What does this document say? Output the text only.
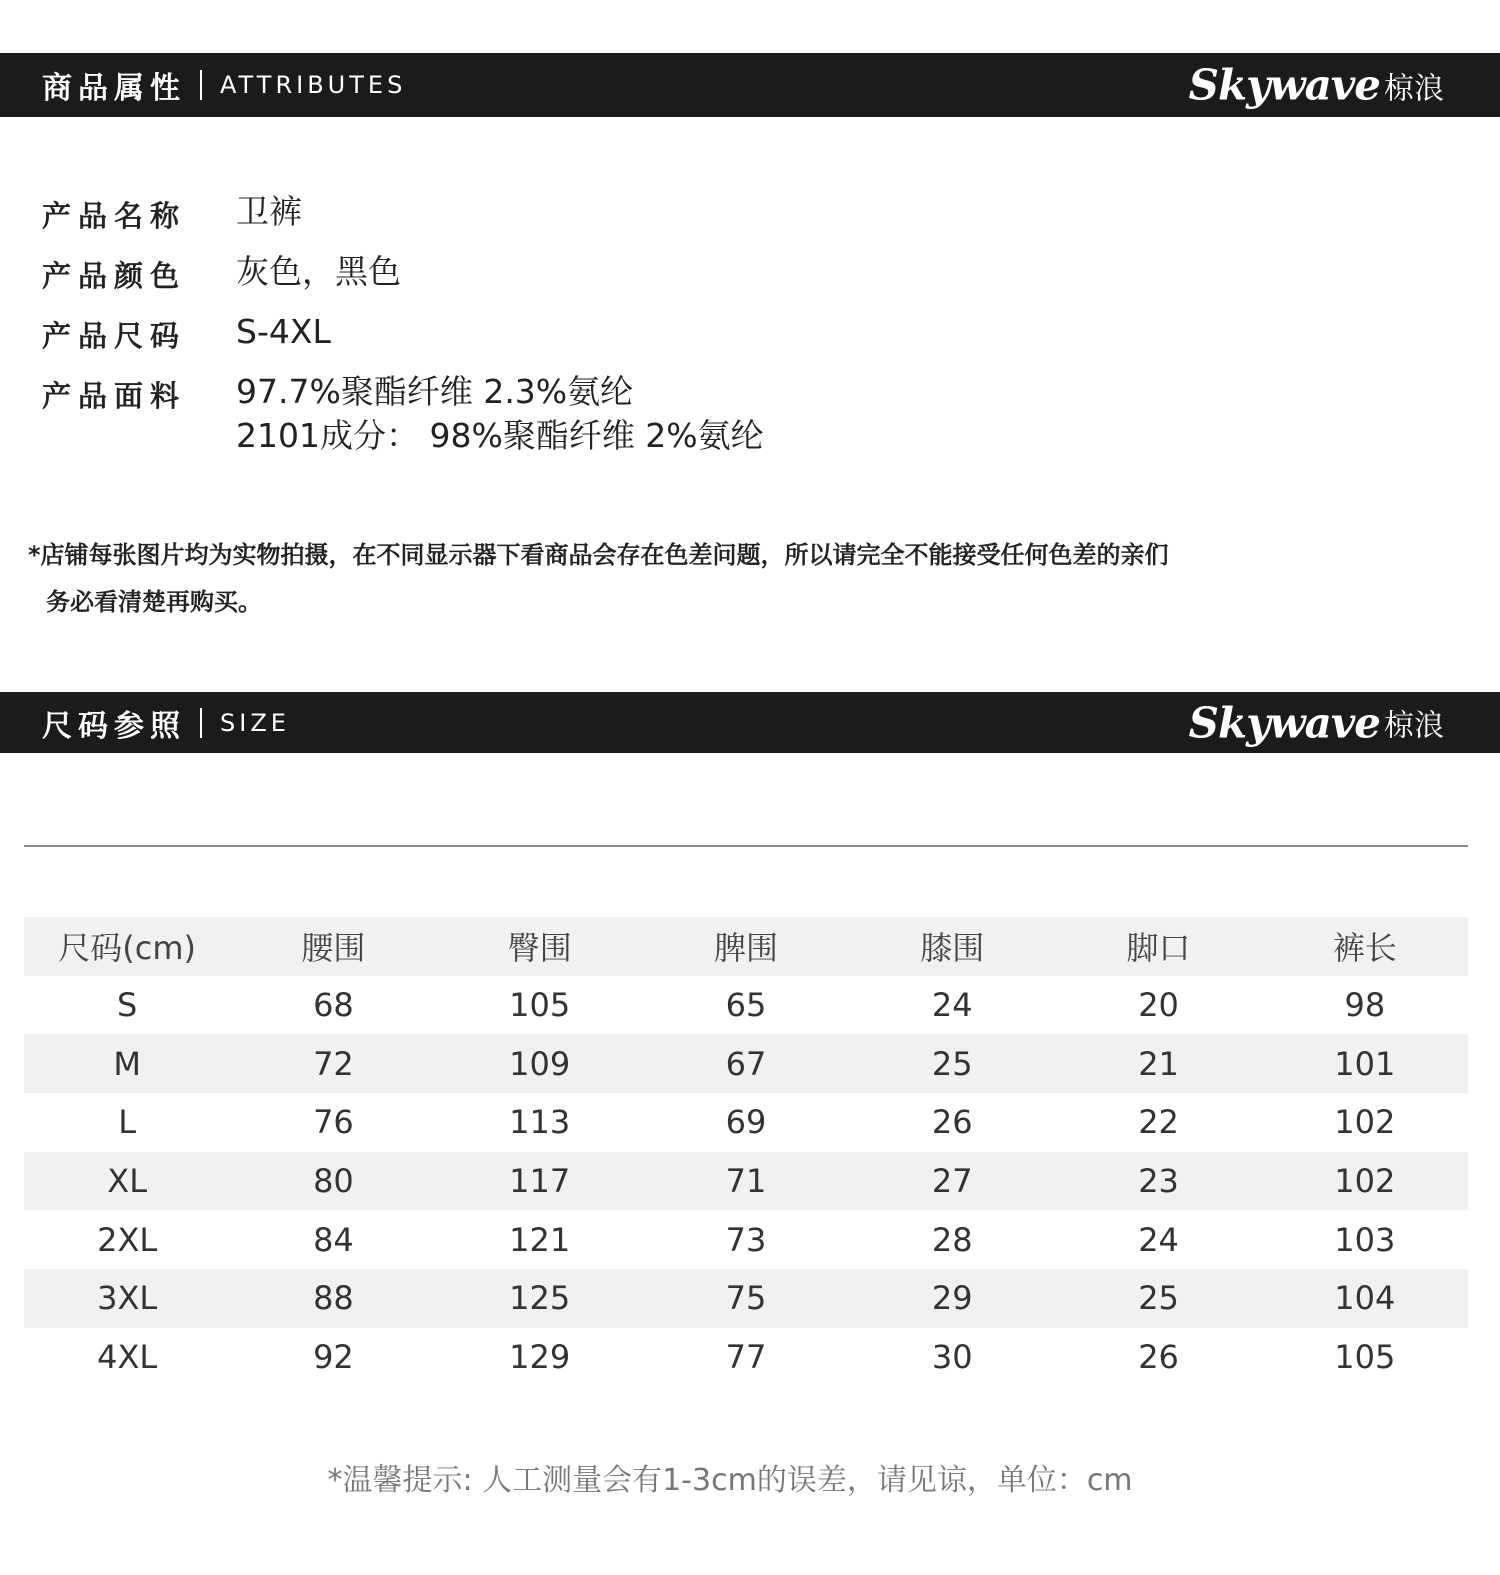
商品属性 ATTRIBUTES	Skywave 椋浪
产品名称 卫裤
产品颜色 灰色，黑色
产品尺码 S-4XL
产品面料 97.7%聚酯纤维 2.3%氨纶
2101成分： 98%聚酯纤维 2%氨纶
*店铺每张图片均为实物拍摄，在不同显示器下看商品会存在色差问题，所以请完全不能接受任何色差的亲们
务必看清楚再购买。
尺码参照 SIZE	Skywave 椋浪
尺码(cm)	腰围	臀围	脾围	膝围	脚口	裤长
S	68	105	65	24	20	98
M	72	109	67	25	21	101
L	76	113	69	26	22	102
XL	80	117	71	27	23	102
2XL	84	121	73	28	24	103
3XL	88	125	75	29	25	104
4XL	92	129	77	30	26	105
*温馨提示: 人工测量会有1-3cm的误差，请见谅，单位：cm
